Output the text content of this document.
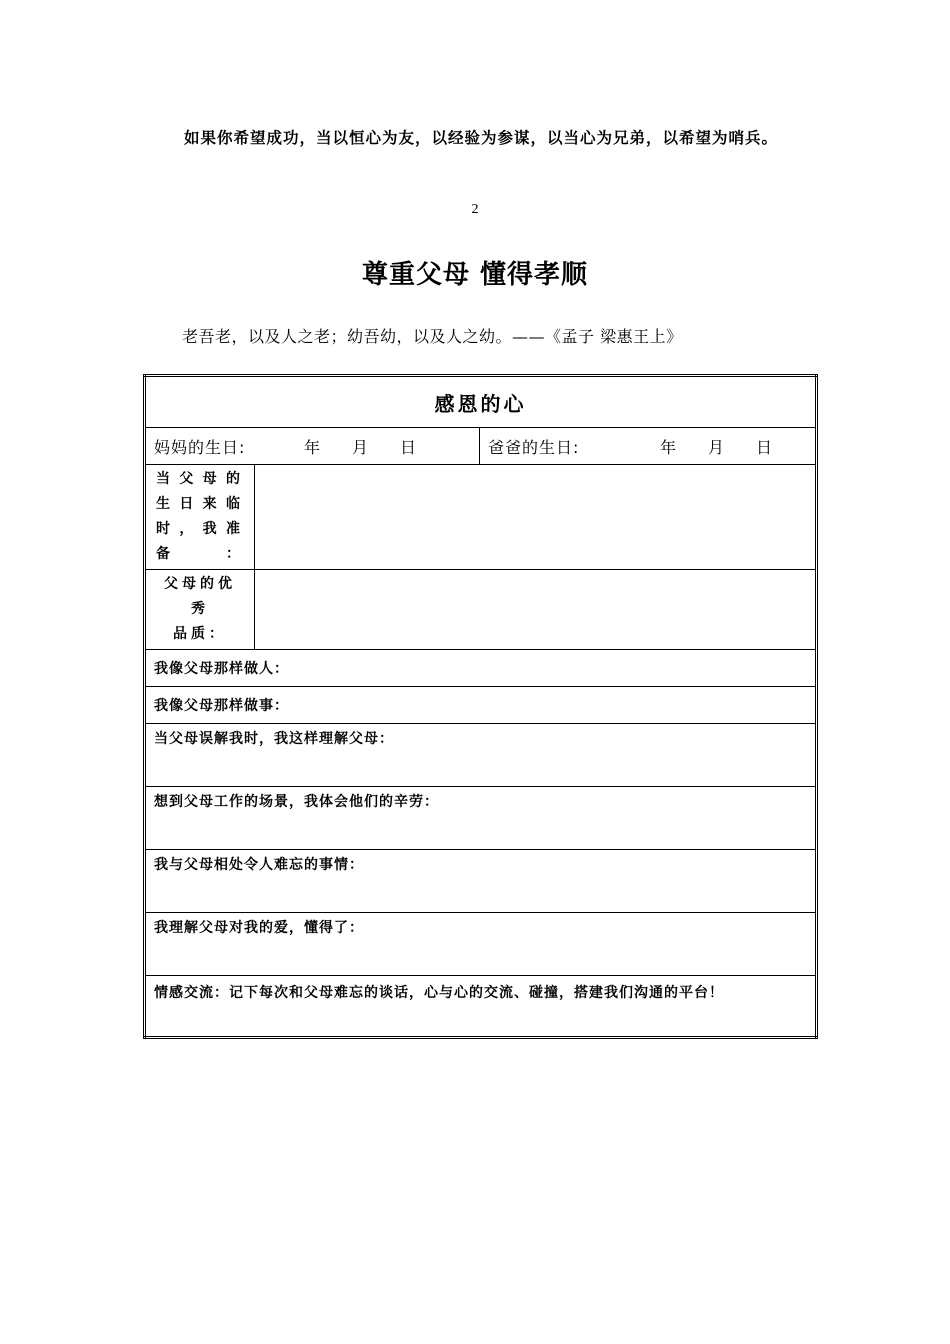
如果你希望成功，当以恒心为友，以经验为参谋，以当心为兄弟，以希望为哨兵。
2
尊重父母 懂得孝顺
老吾老，以及人之老；幼吾幼，以及人之幼。——《孟子 梁惠王上》
感恩的心		
妈妈的生日: 年 月 日		爸爸的生日: 年 月 日
当父母的生日来临时，我准备：		

父母的优
秀
品质：		

我像父母那样做人：		
我像父母那样做事：		
当父母误解我时，我这样理解父母：		
想到父母工作的场景，我体会他们的辛劳：		
我与父母相处令人难忘的事情：		
我理解父母对我的爱，懂得了：		
情感交流：记下每次和父母难忘的谈话，心与心的交流、碰撞，搭建我们沟通的平台！		
